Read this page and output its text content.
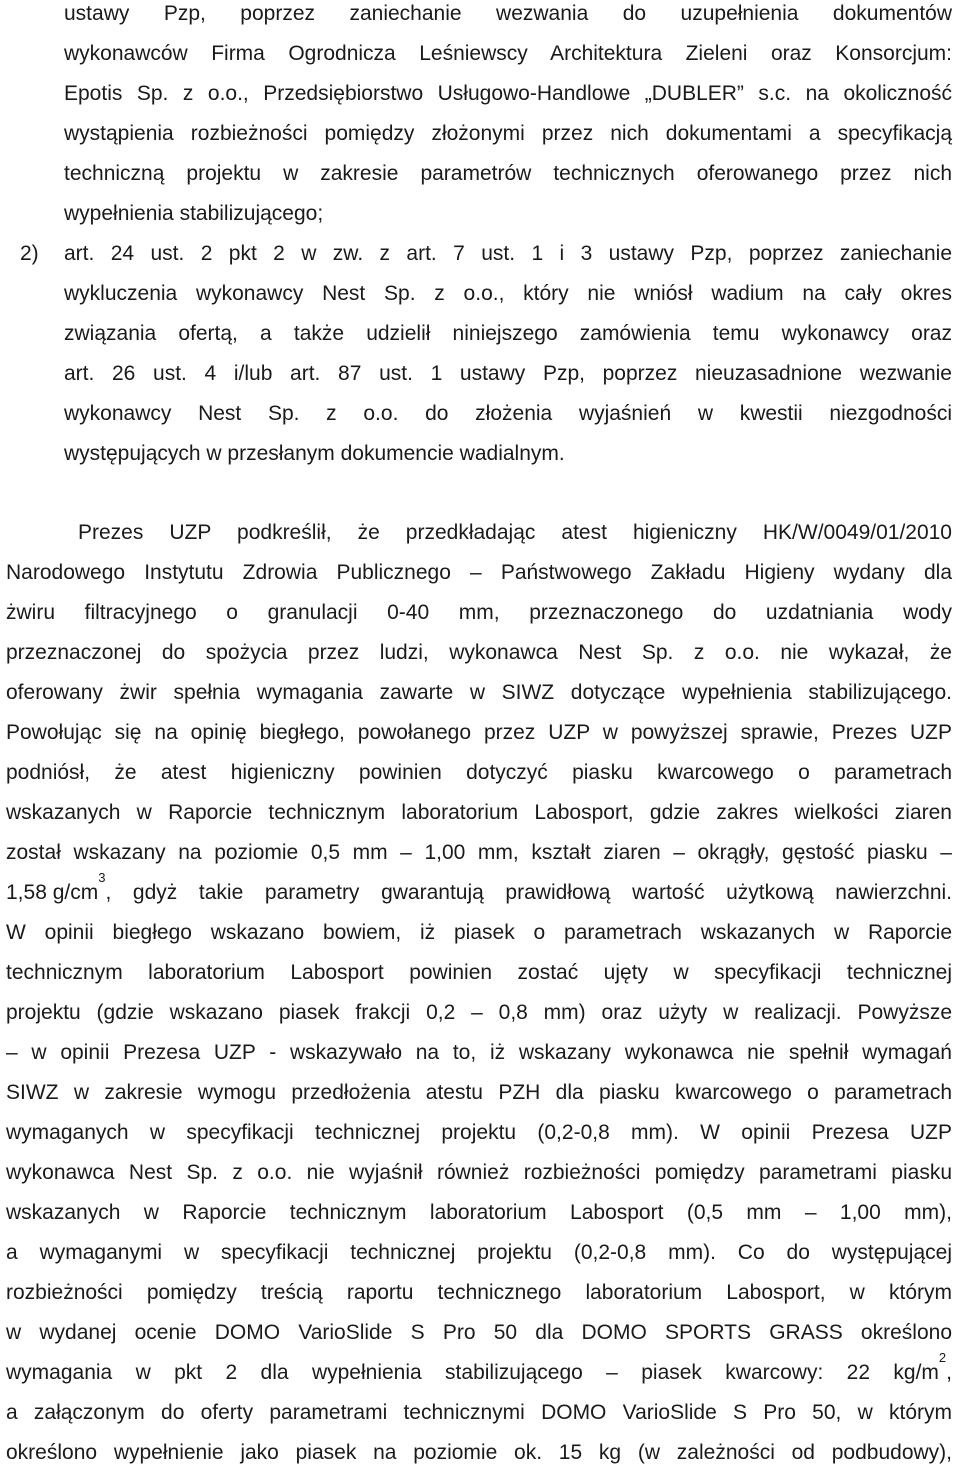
ustawy Pzp, poprzez zaniechanie wezwania do uzupełnienia dokumentów
wykonawców Firma Ogrodnicza Leśniewscy Architektura Zieleni oraz Konsorcjum:
Epotis Sp. z o.o., Przedsiębiorstwo Usługowo-Handlowe „DUBLER” s.c. na okoliczność
wystąpienia rozbieżności pomiędzy złożonymi przez nich dokumentami a specyfikacją
techniczną projektu w zakresie parametrów technicznych oferowanego przez nich
wypełnienia stabilizującego;
2) art. 24 ust. 2 pkt 2 w zw. z art. 7 ust. 1 i 3 ustawy Pzp, poprzez zaniechanie
wykluczenia wykonawcy Nest Sp. z o.o., który nie wniósł wadium na cały okres
związania ofertą, a także udzielił niniejszego zamówienia temu wykonawcy oraz
art. 26 ust. 4 i/lub art. 87 ust. 1 ustawy Pzp, poprzez nieuzasadnione wezwanie
wykonawcy Nest Sp. z o.o. do złożenia wyjaśnień w kwestii niezgodności
występujących w przesłanym dokumencie wadialnym.
Prezes UZP podkreślił, że przedkładając atest higieniczny HK/W/0049/01/2010
Narodowego Instytutu Zdrowia Publicznego – Państwowego Zakładu Higieny wydany dla
żwiru filtracyjnego o granulacji 0-40 mm, przeznaczonego do uzdatniania wody
przeznaczonej do spożycia przez ludzi, wykonawca Nest Sp. z o.o. nie wykazał, że
oferowany żwir spełnia wymagania zawarte w SIWZ dotyczące wypełnienia stabilizującego.
Powołując się na opinię biegłego, powołanego przez UZP w powyższej sprawie, Prezes UZP
podniósł, że atest higieniczny powinien dotyczyć piasku kwarcowego o parametrach
wskazanych w Raporcie technicznym laboratorium Labosport, gdzie zakres wielkości ziaren
został wskazany na poziomie 0,5 mm – 1,00 mm, kształt ziaren – okrągły, gęstość piasku –
1,58 g/cm
$^3$
, gdyż takie parametry gwarantują prawidłową wartość użytkową nawierzchni.
W opinii biegłego wskazano bowiem, iż piasek o parametrach wskazanych w Raporcie
technicznym laboratorium Labosport powinien zostać ujęty w specyfikacji technicznej
projektu (gdzie wskazano piasek frakcji 0,2 – 0,8 mm) oraz użyty w realizacji. Powyższe
– w opinii Prezesa UZP - wskazywało na to, iż wskazany wykonawca nie spełnił wymagań
SIWZ w zakresie wymogu przedłożenia atestu PZH dla piasku kwarcowego o parametrach
wymaganych w specyfikacji technicznej projektu (0,2-0,8 mm). W opinii Prezesa UZP
wykonawca Nest Sp. z o.o. nie wyjaśnił również rozbieżności pomiędzy parametrami piasku
wskazanych w Raporcie technicznym laboratorium Labosport (0,5 mm – 1,00 mm),
a wymaganymi w specyfikacji technicznej projektu (0,2-0,8 mm). Co do występującej
rozbieżności pomiędzy treścią raportu technicznego laboratorium Labosport, w którym
w wydanej ocenie DOMO VarioSlide S Pro 50 dla DOMO SPORTS GRASS określono
wymagania w pkt 2 dla wypełnienia stabilizującego – piasek kwarcowy: 22 kg/m
$^2$
,
a załączonym do oferty parametrami technicznymi DOMO VarioSlide S Pro 50, w którym
określono wypełnienie jako piasek na poziomie ok. 15 kg (w zależności od podbudowy),
